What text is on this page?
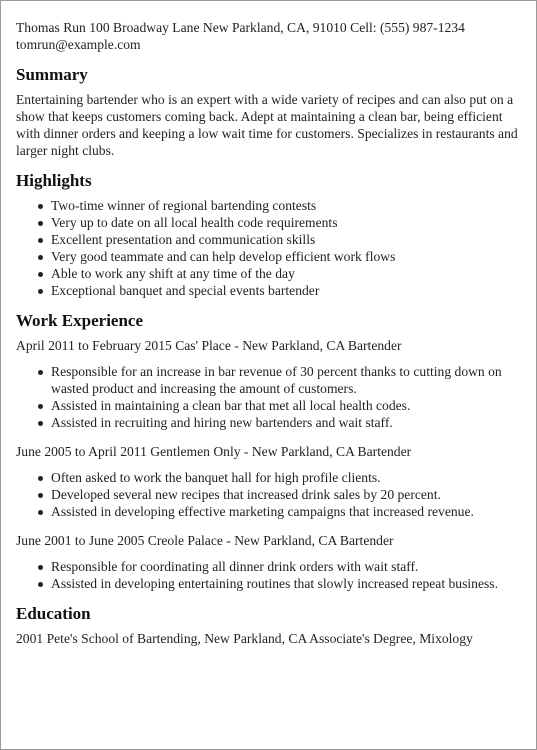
Thomas Run 100 Broadway Lane New Parkland, CA, 91010 Cell: (555) 987-1234
tomrun@example.com
Summary

Entertaining bartender who is an expert with a wide variety of recipes and can also put on a show that keeps customers coming back. Adept at maintaining a clean bar, being efficient with dinner orders and keeping a low wait time for customers. Specializes in restaurants and larger night clubs.

Highlights
Two-time winner of regional bartending contests
Very up to date on all local health code requirements
Excellent presentation and communication skills
Very good teammate and can help develop efficient work flows
Able to work any shift at any time of the day
Exceptional banquet and special events bartender
Work Experience

April 2011 to February 2015 Cas' Place - New Parkland, CA Bartender

Responsible for an increase in bar revenue of 30 percent thanks to cutting down on wasted product and increasing the amount of customers.
Assisted in maintaining a clean bar that met all local health codes.
Assisted in recruiting and hiring new bartenders and wait staff.

June 2005 to April 2011 Gentlemen Only - New Parkland, CA Bartender

Often asked to work the banquet hall for high profile clients.
Developed several new recipes that increased drink sales by 20 percent.
Assisted in developing effective marketing campaigns that increased revenue.

June 2001 to June 2005 Creole Palace - New Parkland, CA Bartender

Responsible for coordinating all dinner drink orders with wait staff.
Assisted in developing entertaining routines that slowly increased repeat business.
Education

2001 Pete's School of Bartending, New Parkland, CA Associate's Degree, Mixology
